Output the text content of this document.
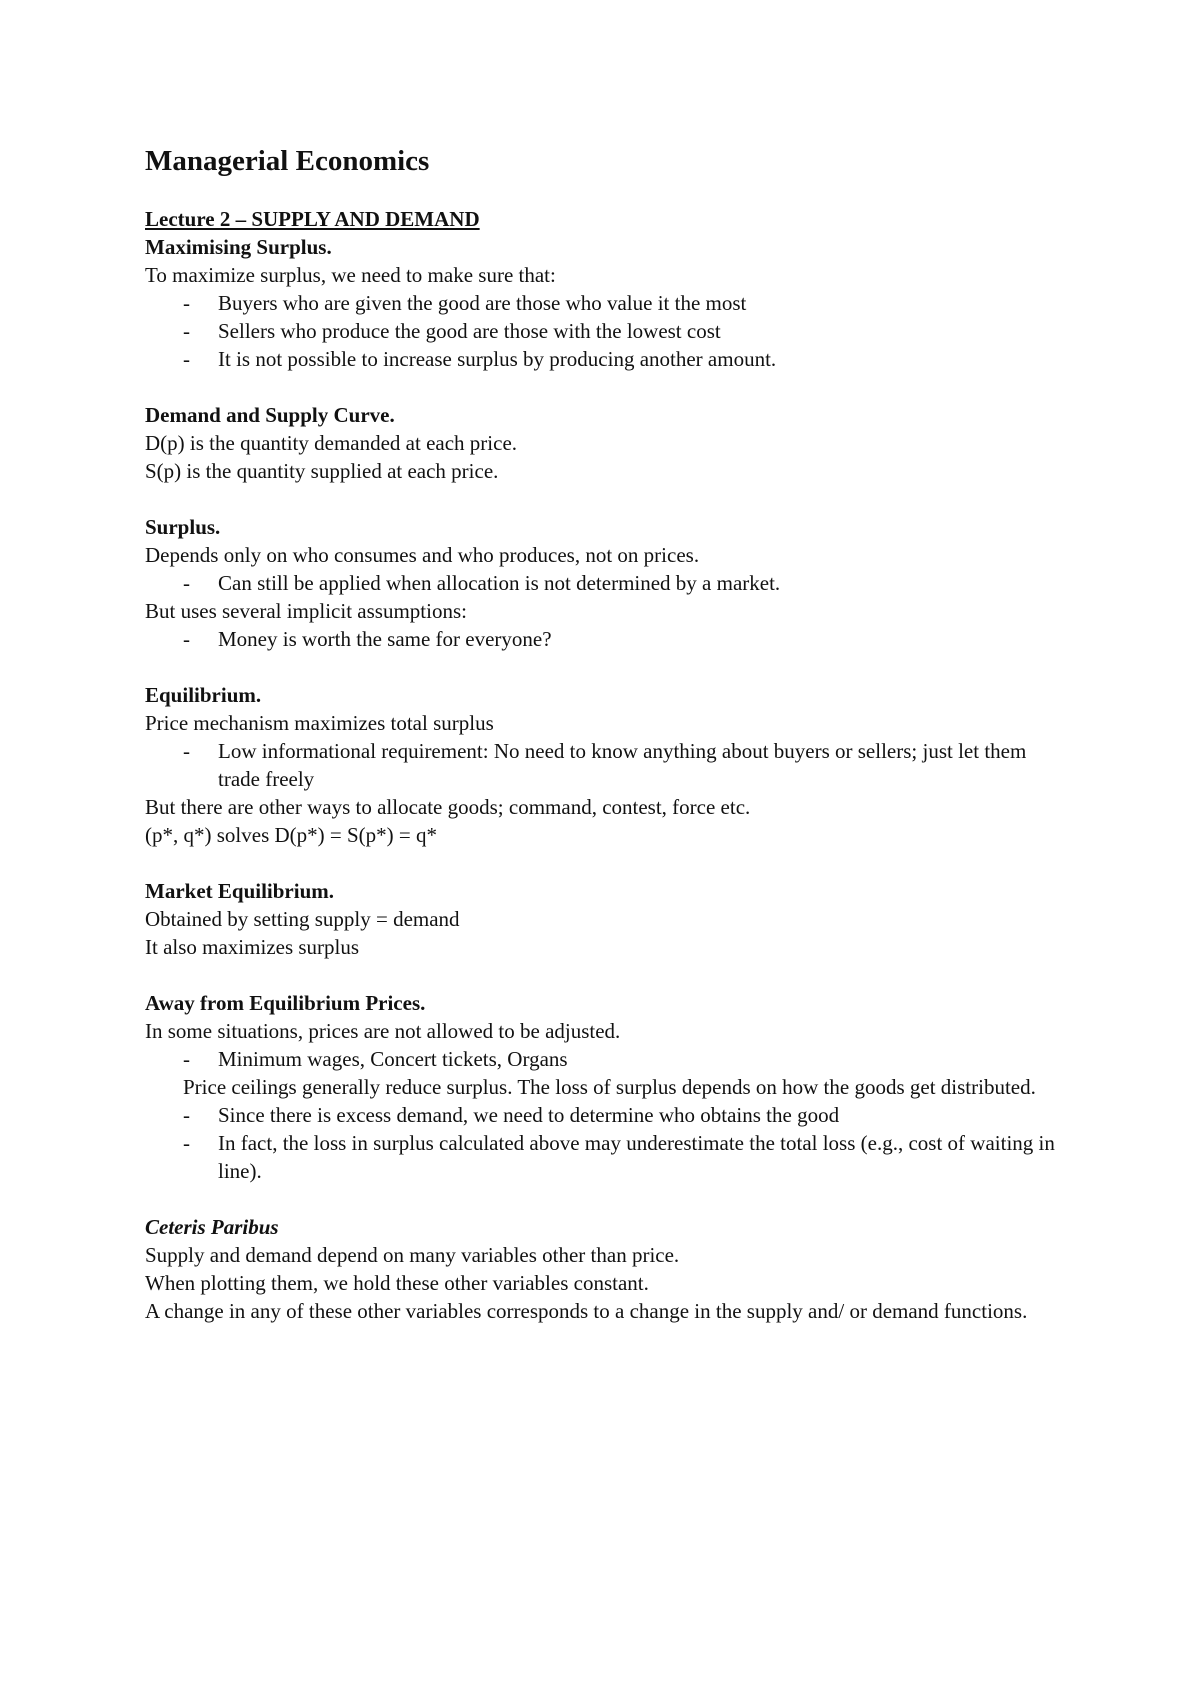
Managerial Economics
Lecture 2 – SUPPLY AND DEMAND
Maximising Surplus.
To maximize surplus, we need to make sure that:
- Buyers who are given the good are those who value it the most
- Sellers who produce the good are those with the lowest cost
- It is not possible to increase surplus by producing another amount.
Demand and Supply Curve.
D(p) is the quantity demanded at each price.
S(p) is the quantity supplied at each price.
Surplus.
Depends only on who consumes and who produces, not on prices.
- Can still be applied when allocation is not determined by a market.
But uses several implicit assumptions:
- Money is worth the same for everyone?
Equilibrium.
Price mechanism maximizes total surplus
- Low informational requirement: No need to know anything about buyers or sellers; just let them trade freely
But there are other ways to allocate goods; command, contest, force etc.
(p*, q*) solves D(p*) = S(p*) = q*
Market Equilibrium.
Obtained by setting supply = demand
It also maximizes surplus
Away from Equilibrium Prices.
In some situations, prices are not allowed to be adjusted.
- Minimum wages, Concert tickets, Organs
Price ceilings generally reduce surplus. The loss of surplus depends on how the goods get distributed.
- Since there is excess demand, we need to determine who obtains the good
- In fact, the loss in surplus calculated above may underestimate the total loss (e.g., cost of waiting in line).
Ceteris Paribus
Supply and demand depend on many variables other than price.
When plotting them, we hold these other variables constant.
A change in any of these other variables corresponds to a change in the supply and/ or demand functions.
